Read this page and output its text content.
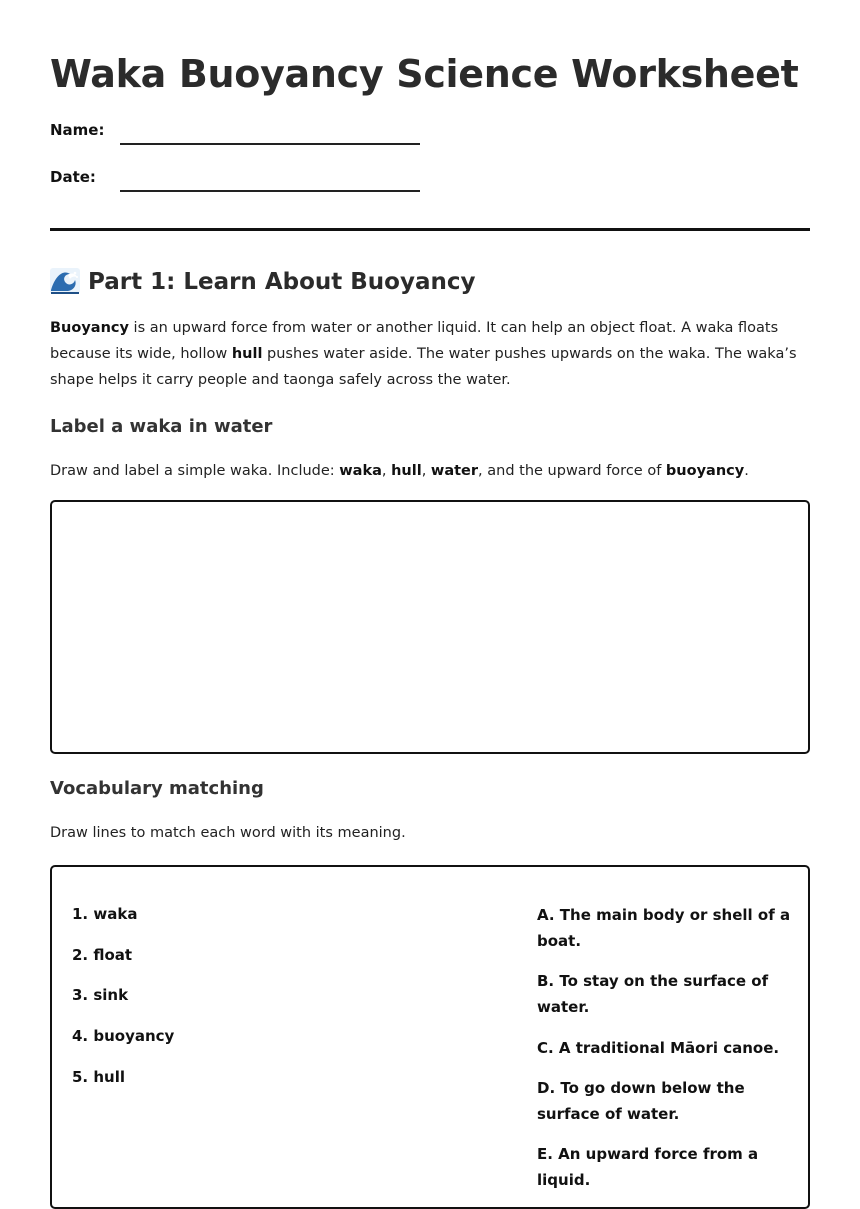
Waka Buoyancy Science Worksheet
Name:
Date:
Part 1: Learn About Buoyancy

Buoyancy is an upward force from water or another liquid. It can help an object float. A waka floats because its wide, hollow hull pushes water aside. The water pushes upwards on the waka. The waka’s shape helps it carry people and taonga safely across the water.

Label a waka in water

Draw and label a simple waka. Include: waka, hull, water, and the upward force of buoyancy.

Vocabulary matching

Draw lines to match each word with its meaning.

1. waka
2. float
3. sink
4. buoyancy
5. hull
A. The main body or shell of a boat.
B. To stay on the surface of water.
C. A traditional Māori canoe.
D. To go down below the surface of water.
E. An upward force from a liquid.
